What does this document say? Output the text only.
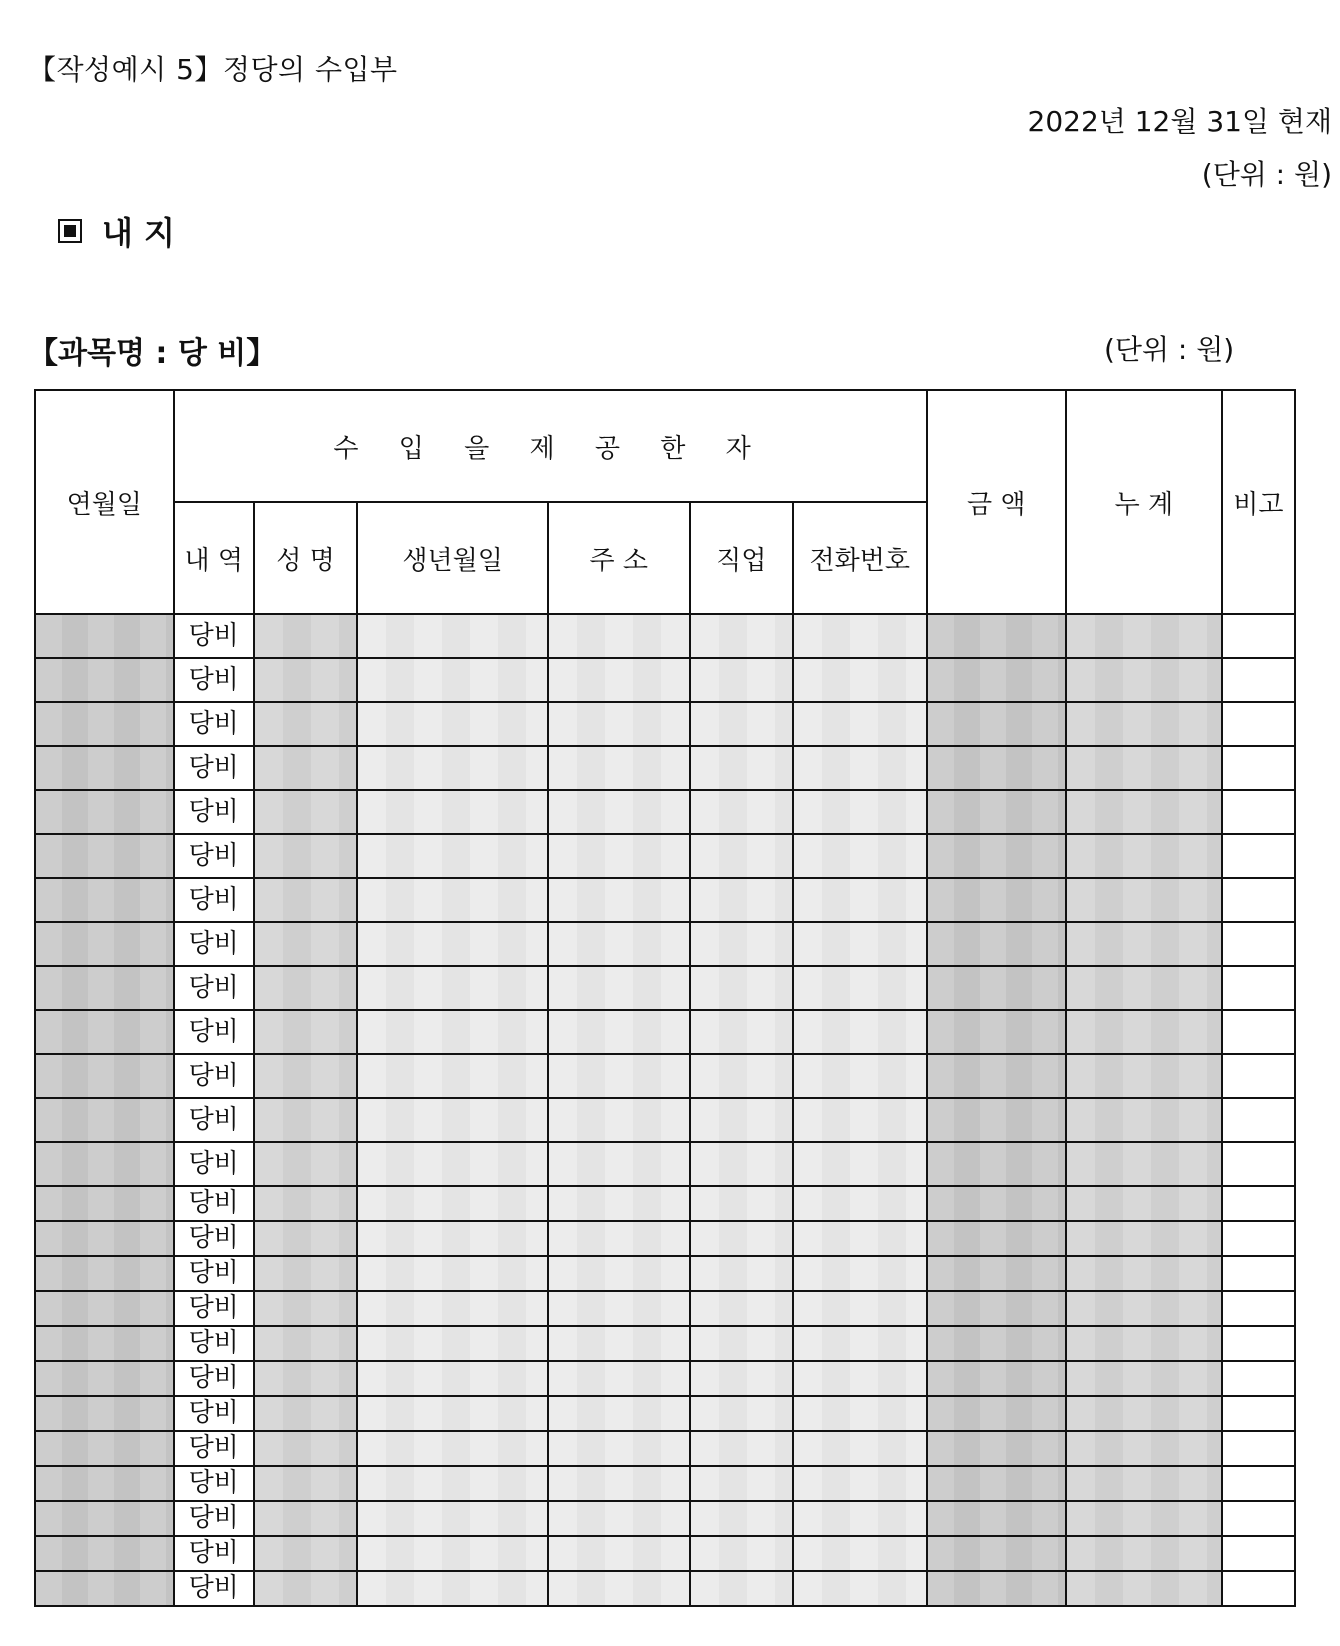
【작성예시 5】정당의 수입부
2022년 12월 31일 현재
(단위 : 원)
내 지
【과목명 : 당 비】	(단위 : 원)
연월일	수 입 을 제 공 한 자						금 액	누 계	비고
	내 역	성 명	생년월일	주 소	직업	전화번호			
	당비								
	당비								
	당비								
	당비								
	당비								
	당비								
	당비								
	당비								
	당비								
	당비								
	당비								
	당비								
	당비								
	당비								
	당비								
	당비								
	당비								
	당비								
	당비								
	당비								
	당비								
	당비								
	당비								
	당비								
	당비								
